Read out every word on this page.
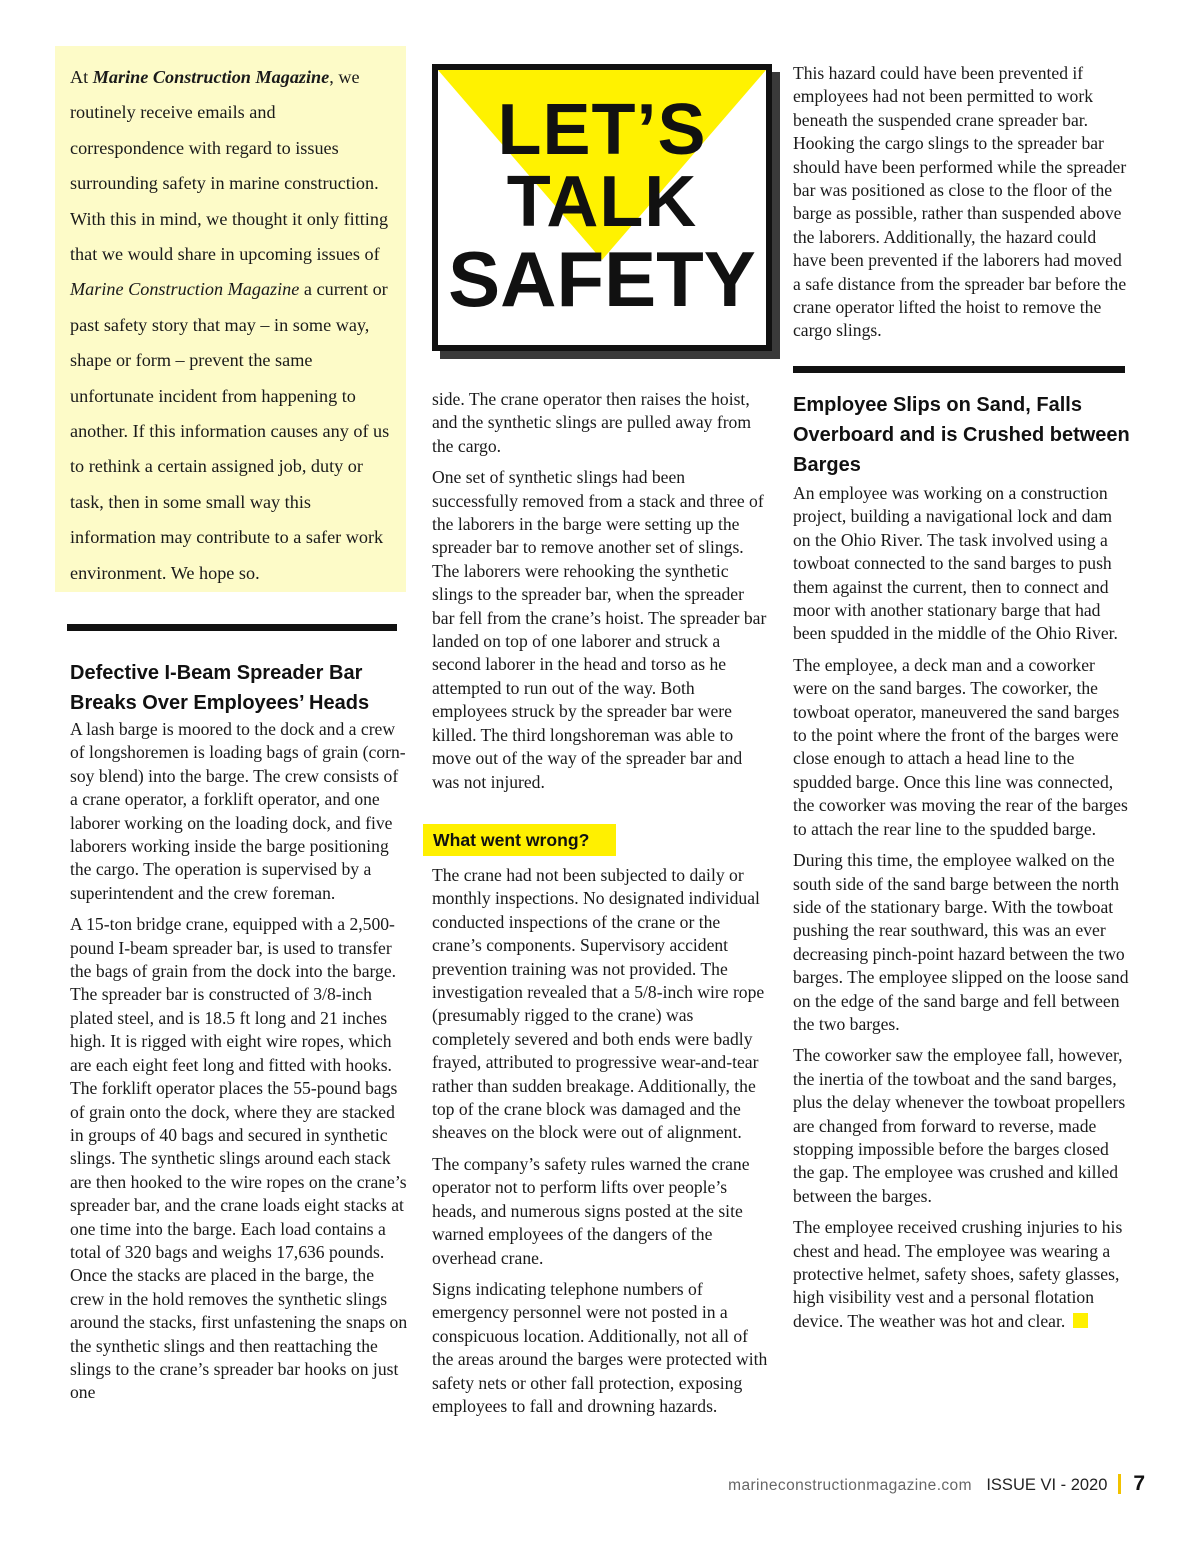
At Marine Construction Magazine, we routinely receive emails and correspondence with regard to issues surrounding safety in marine construction. With this in mind, we thought it only fitting that we would share in upcoming issues of Marine Construction Magazine a current or past safety story that may – in some way, shape or form – prevent the same unfortunate incident from happening to another. If this information causes any of us to rethink a certain assigned job, duty or task, then in some small way this information may contribute to a safer work environment. We hope so.

LET’S
TALK
SAFETY
Defective I-Beam Spreader Bar Breaks Over Employees’ Heads

A lash barge is moored to the dock and a crew of longshoremen is loading bags of grain (corn-soy blend) into the barge. The crew consists of a crane operator, a forklift operator, and one laborer working on the loading dock, and five laborers working inside the barge positioning the cargo. The operation is supervised by a superintendent and the crew foreman.

A 15-ton bridge crane, equipped with a 2,500-pound I-beam spreader bar, is used to transfer the bags of grain from the dock into the barge. The spreader bar is constructed of 3/8-inch plated steel, and is 18.5 ft long and 21 inches high. It is rigged with eight wire ropes, which are each eight feet long and fitted with hooks. The forklift operator places the 55-pound bags of grain onto the dock, where they are stacked in groups of 40 bags and secured in synthetic slings. The synthetic slings around each stack are then hooked to the wire ropes on the crane’s spreader bar, and the crane loads eight stacks at one time into the barge. Each load contains a total of 320 bags and weighs 17,636 pounds. Once the stacks are placed in the barge, the crew in the hold removes the synthetic slings around the stacks, first unfastening the snaps on the synthetic slings and then reattaching the slings to the crane’s spreader bar hooks on just one

side. The crane operator then raises the hoist, and the synthetic slings are pulled away from the cargo.

One set of synthetic slings had been successfully removed from a stack and three of the laborers in the barge were setting up the spreader bar to remove another set of slings. The laborers were rehooking the synthetic slings to the spreader bar, when the spreader bar fell from the crane’s hoist. The spreader bar landed on top of one laborer and struck a second laborer in the head and torso as he attempted to run out of the way. Both employees struck by the spreader bar were killed. The third longshoreman was able to move out of the way of the spreader bar and was not injured.

What went wrong?

The crane had not been subjected to daily or monthly inspections. No designated individual conducted inspections of the crane or the crane’s components. Supervisory accident prevention training was not provided. The investigation revealed that a 5/8-inch wire rope (presumably rigged to the crane) was completely severed and both ends were badly frayed, attributed to progressive wear-and-tear rather than sudden breakage. Additionally, the top of the crane block was damaged and the sheaves on the block were out of alignment.

The company’s safety rules warned the crane operator not to perform lifts over people’s heads, and numerous signs posted at the site warned employees of the dangers of the overhead crane.

Signs indicating telephone numbers of emergency personnel were not posted in a conspicuous location. Additionally, not all of the areas around the barges were protected with safety nets or other fall protection, exposing employees to fall and drowning hazards.

This hazard could have been prevented if employees had not been permitted to work beneath the suspended crane spreader bar. Hooking the cargo slings to the spreader bar should have been performed while the spreader bar was positioned as close to the floor of the barge as possible, rather than suspended above the laborers. Additionally, the hazard could have been prevented if the laborers had moved a safe distance from the spreader bar before the crane operator lifted the hoist to remove the cargo slings.

Employee Slips on Sand, Falls Overboard and is Crushed between Barges

An employee was working on a construction project, building a navigational lock and dam on the Ohio River. The task involved using a towboat connected to the sand barges to push them against the current, then to connect and moor with another stationary barge that had been spudded in the middle of the Ohio River.

The employee, a deck man and a coworker were on the sand barges. The coworker, the towboat operator, maneuvered the sand barges to the point where the front of the barges were close enough to attach a head line to the spudded barge. Once this line was connected, the coworker was moving the rear of the barges to attach the rear line to the spudded barge.

During this time, the employee walked on the south side of the sand barge between the north side of the stationary barge. With the towboat pushing the rear southward, this was an ever decreasing pinch-point hazard between the two barges. The employee slipped on the loose sand on the edge of the sand barge and fell between the two barges.

The coworker saw the employee fall, however, the inertia of the towboat and the sand barges, plus the delay whenever the towboat propellers are changed from forward to reverse, made stopping impossible before the barges closed the gap. The employee was crushed and killed between the barges.

The employee received crushing injuries to his chest and head. The employee was wearing a protective helmet, safety shoes, safety glasses, high visibility vest and a personal flotation device. The weather was hot and clear.

marineconstructionmagazine.com ISSUE VI - 2020 7
